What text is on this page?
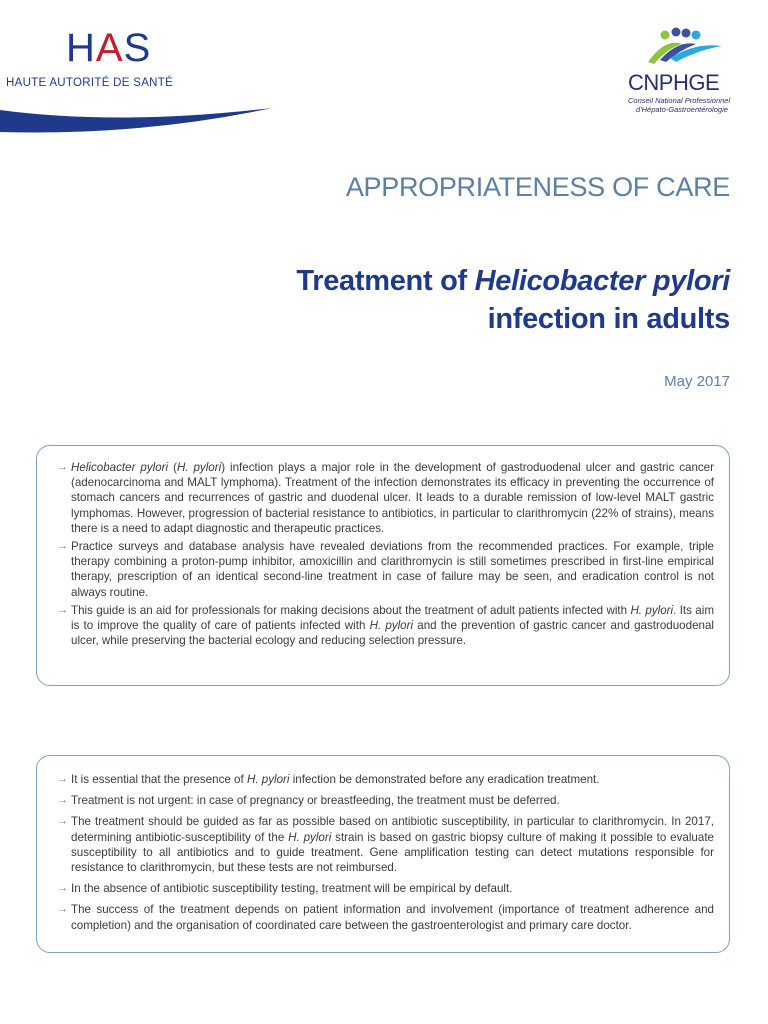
HAS
HAUTE AUTORITÉ DE SANTÉ	CNPHGE
Conseil National Professionnel
d'Hépato-Gastroentérologie
APPROPRIATENESS OF CARE
Treatment of Helicobacter pylori
infection in adults
May 2017
→ Helicobacter pylori (H. pylori) infection plays a major role in the development of gastroduodenal ulcer and gastric cancer (adenocarcinoma and MALT lymphoma). Treatment of the infection demonstrates its efficacy in preventing the occurrence of stomach cancers and recurrences of gastric and duodenal ulcer. It leads to a durable remission of low-level MALT gastric lymphomas. However, progression of bacterial resistance to antibiotics, in particular to clarithromycin (22% of strains), means there is a need to adapt diagnostic and therapeutic practices.
→ Practice surveys and database analysis have revealed deviations from the recommended practices. For example, triple therapy combining a proton-pump inhibitor, amoxicillin and clarithromycin is still sometimes prescribed in first-line empirical therapy, prescription of an identical second-line treatment in case of failure may be seen, and eradication control is not always routine.
→ This guide is an aid for professionals for making decisions about the treatment of adult patients infected with H. pylori. Its aim is to improve the quality of care of patients infected with H. pylori and the prevention of gastric cancer and gastroduodenal ulcer, while preserving the bacterial ecology and reducing selection pressure.
→ It is essential that the presence of H. pylori infection be demonstrated before any eradication treatment.
→ Treatment is not urgent: in case of pregnancy or breastfeeding, the treatment must be deferred.
→ The treatment should be guided as far as possible based on antibiotic susceptibility, in particular to clarithromycin. In 2017, determining antibiotic-susceptibility of the H. pylori strain is based on gastric biopsy culture of making it possible to evaluate susceptibility to all antibiotics and to guide treatment. Gene amplification testing can detect mutations responsible for resistance to clarithromycin, but these tests are not reimbursed.
→ In the absence of antibiotic susceptibility testing, treatment will be empirical by default.
→ The success of the treatment depends on patient information and involvement (importance of treatment adherence and completion) and the organisation of coordinated care between the gastroenterologist and primary care doctor.
